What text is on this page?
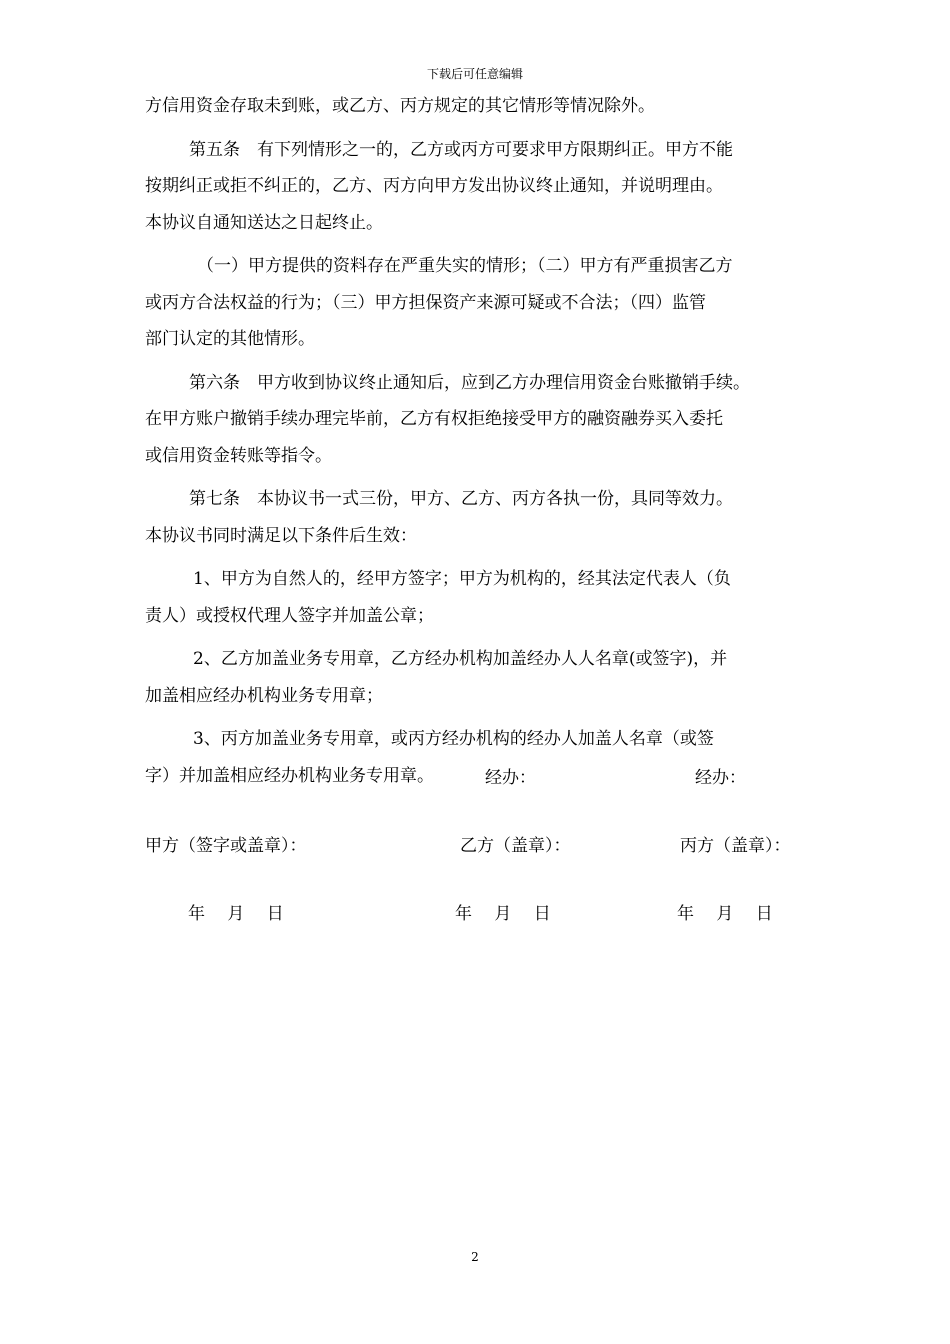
下载后可任意编辑
方信用资金存取未到账，或乙方、丙方规定的其它情形等情况除外。
第五条　有下列情形之一的，乙方或丙方可要求甲方限期纠正。甲方不能
按期纠正或拒不纠正的，乙方、丙方向甲方发出协议终止通知，并说明理由。
本协议自通知送达之日起终止。
（一）甲方提供的资料存在严重失实的情形；（二）甲方有严重损害乙方
或丙方合法权益的行为；（三）甲方担保资产来源可疑或不合法；（四）监管
部门认定的其他情形。
第六条　甲方收到协议终止通知后，应到乙方办理信用资金台账撤销手续。
在甲方账户撤销手续办理完毕前，乙方有权拒绝接受甲方的融资融券买入委托
或信用资金转账等指令。
第七条　本协议书一式三份，甲方、乙方、丙方各执一份，具同等效力。
本协议书同时满足以下条件后生效：
1、甲方为自然人的，经甲方签字；甲方为机构的，经其法定代表人（负
责人）或授权代理人签字并加盖公章；
2、乙方加盖业务专用章，乙方经办机构加盖经办人人名章(或签字)，并
加盖相应经办机构业务专用章；
3、丙方加盖业务专用章，或丙方经办机构的经办人加盖人名章（或签
字）并加盖相应经办机构业务专用章。	经办：	经办：
甲方（签字或盖章）：	乙方（盖章）：	丙方（盖章）：
年　 月　 日	年　 月　 日	年　 月　 日
2
